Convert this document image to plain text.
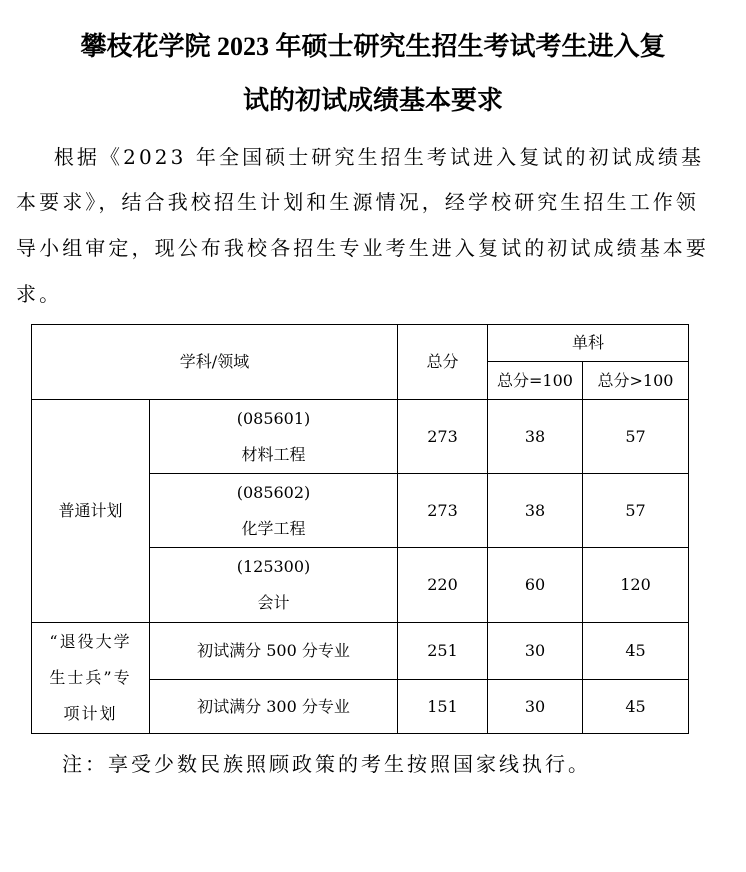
攀枝花学院 2023 年硕士研究生招生考试考生进入复
试的初试成绩基本要求
根据《2023 年全国硕士研究生招生考试进入复试的初试成绩基
本要求》，结合我校招生计划和生源情况，经学校研究生招生工作领
导小组审定，现公布我校各招生专业考生进入复试的初试成绩基本要
求。
学科/领域		总分	单科	
			总分=100	总分>100
普通计划	(085601)
材料工程	273	38	57

	(085602)
化学工程	273	38	57

	(125300)
会计	220	60	120

“退役大学
生士兵”专
项计划	初试满分 500 分专业	251	30	45
	初试满分 300 分专业	151	30	45
注：享受少数民族照顾政策的考生按照国家线执行。
